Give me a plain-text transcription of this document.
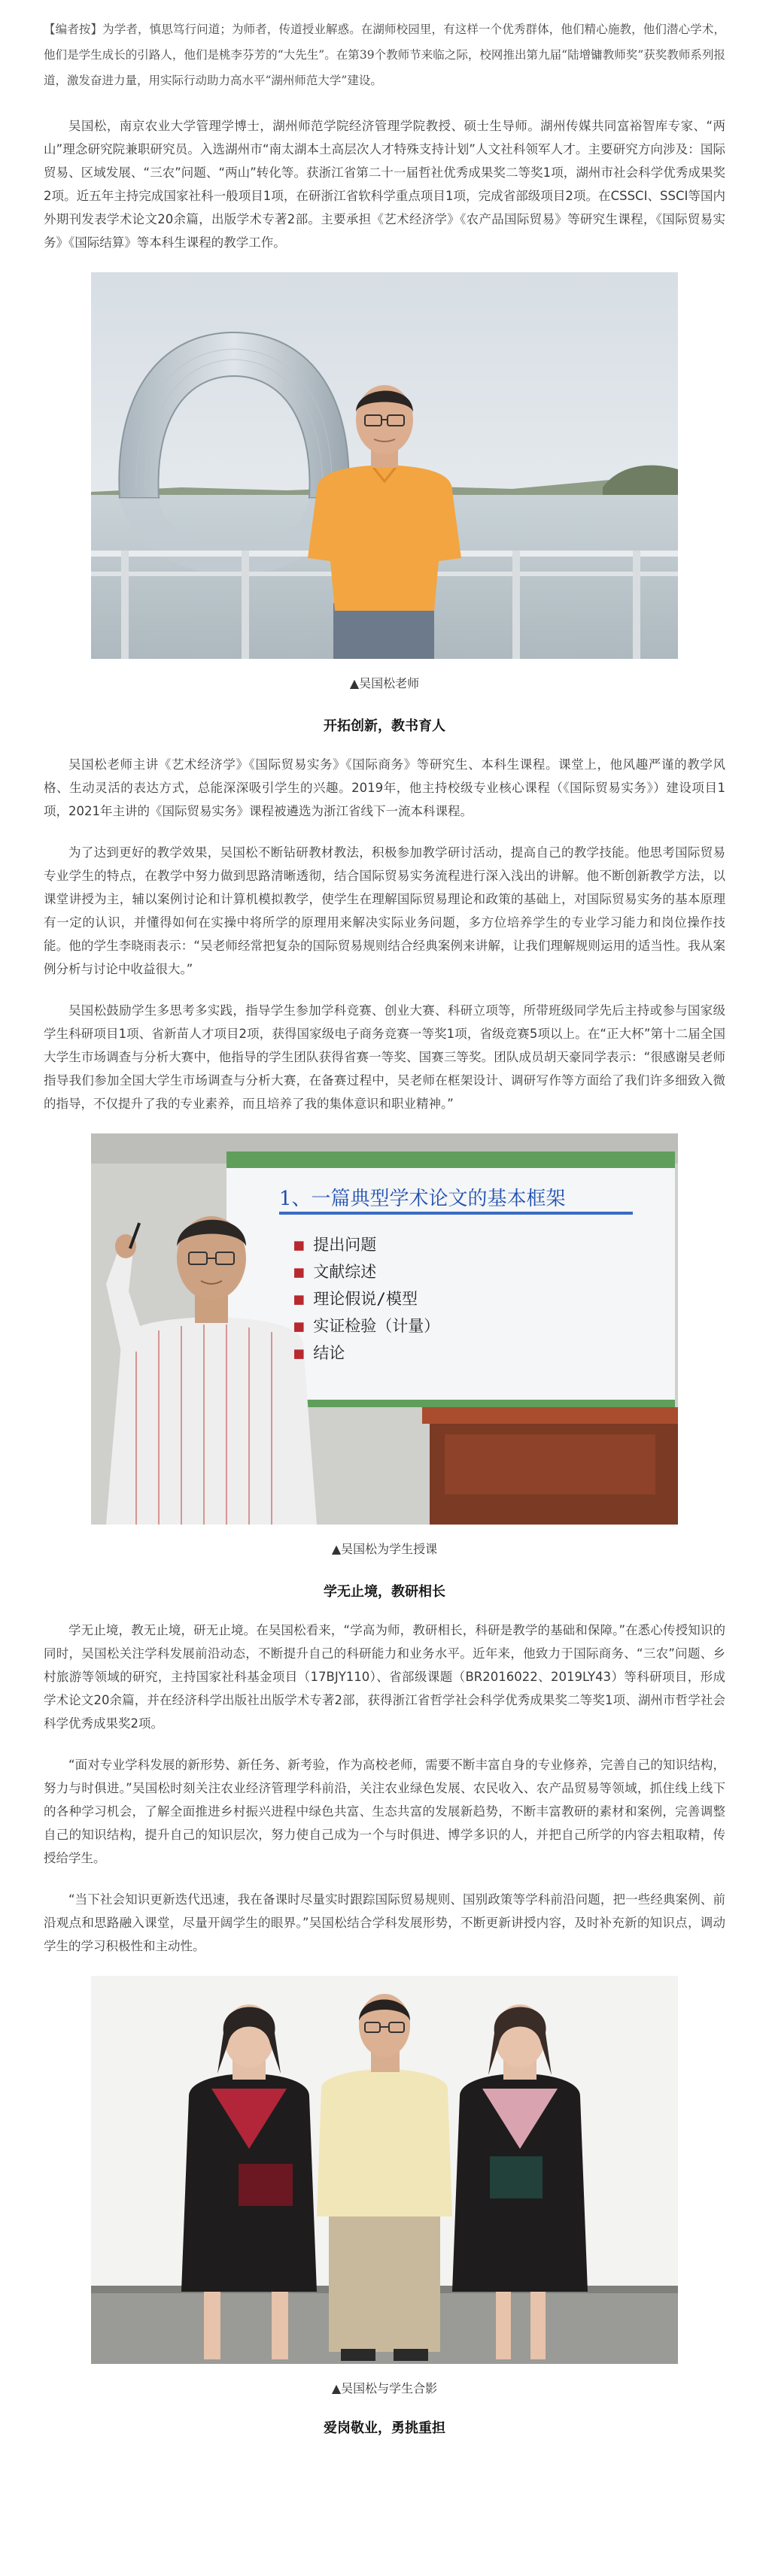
【编者按】为学者，慎思笃行问道；为师者，传道授业解惑。在湖师校园里，有这样一个优秀群体，他们精心施教，他们潜心学术，他们是学生成长的引路人，他们是桃李芬芳的“大先生”。在第39个教师节来临之际，校网推出第九届“陆增镛教师奖”获奖教师系列报道，激发奋进力量，用实际行动助力高水平“湖州师范大学”建设。

吴国松，南京农业大学管理学博士，湖州师范学院经济管理学院教授、硕士生导师。湖州传媒共同富裕智库专家、“两山”理念研究院兼职研究员。入选湖州市“南太湖本土高层次人才特殊支持计划”人文社科领军人才。主要研究方向涉及：国际贸易、区域发展、“三农”问题、“两山”转化等。获浙江省第二十一届哲社优秀成果奖二等奖1项，湖州市社会科学优秀成果奖2项。近五年主持完成国家社科一般项目1项，在研浙江省软科学重点项目1项，完成省部级项目2项。在CSSCI、SSCI等国内外期刊发表学术论文20余篇，出版学术专著2部。主要承担《艺术经济学》《农产品国际贸易》等研究生课程，《国际贸易实务》《国际结算》等本科生课程的教学工作。

▲吴国松老师

开拓创新，教书育人

吴国松老师主讲《艺术经济学》《国际贸易实务》《国际商务》等研究生、本科生课程。课堂上，他风趣严谨的教学风格、生动灵活的表达方式，总能深深吸引学生的兴趣。2019年，他主持校级专业核心课程（《国际贸易实务》）建设项目1项，2021年主讲的《国际贸易实务》课程被遴选为浙江省线下一流本科课程。

为了达到更好的教学效果，吴国松不断钻研教材教法，积极参加教学研讨活动，提高自己的教学技能。他思考国际贸易专业学生的特点，在教学中努力做到思路清晰透彻，结合国际贸易实务流程进行深入浅出的讲解。他不断创新教学方法，以课堂讲授为主，辅以案例讨论和计算机模拟教学，使学生在理解国际贸易理论和政策的基础上，对国际贸易实务的基本原理有一定的认识，并懂得如何在实操中将所学的原理用来解决实际业务问题，多方位培养学生的专业学习能力和岗位操作技能。他的学生李晓雨表示：“吴老师经常把复杂的国际贸易规则结合经典案例来讲解，让我们理解规则运用的适当性。我从案例分析与讨论中收益很大。”

吴国松鼓励学生多思考多实践，指导学生参加学科竞赛、创业大赛、科研立项等，所带班级同学先后主持或参与国家级学生科研项目1项、省新苗人才项目2项，获得国家级电子商务竞赛一等奖1项，省级竞赛5项以上。在“正大杯”第十二届全国大学生市场调查与分析大赛中，他指导的学生团队获得省赛一等奖、国赛三等奖。团队成员胡天豪同学表示：“很感谢吴老师指导我们参加全国大学生市场调查与分析大赛，在备赛过程中，吴老师在框架设计、调研写作等方面给了我们许多细致入微的指导，不仅提升了我的专业素养，而且培养了我的集体意识和职业精神。”

1、一篇典型学术论文的基本框架
■ 提出问题
■ 文献综述
■ 理论假说/模型
■ 实证检验（计量）
■ 结论

▲吴国松为学生授课

学无止境，教研相长

学无止境，教无止境，研无止境。在吴国松看来，“学高为师，教研相长，科研是教学的基础和保障。”在悉心传授知识的同时，吴国松关注学科发展前沿动态，不断提升自己的科研能力和业务水平。近年来，他致力于国际商务、“三农”问题、乡村旅游等领域的研究，主持国家社科基金项目（17BJY110）、省部级课题（BR2016022、2019LY43）等科研项目，形成学术论文20余篇，并在经济科学出版社出版学术专著2部，获得浙江省哲学社会科学优秀成果奖二等奖1项、湖州市哲学社会科学优秀成果奖2项。

“面对专业学科发展的新形势、新任务、新考验，作为高校老师，需要不断丰富自身的专业修养，完善自己的知识结构，努力与时俱进。”吴国松时刻关注农业经济管理学科前沿，关注农业绿色发展、农民收入、农产品贸易等领域，抓住线上线下的各种学习机会，了解全面推进乡村振兴进程中绿色共富、生态共富的发展新趋势，不断丰富教研的素材和案例，完善调整自己的知识结构，提升自己的知识层次，努力使自己成为一个与时俱进、博学多识的人，并把自己所学的内容去粗取精，传授给学生。

“当下社会知识更新迭代迅速，我在备课时尽量实时跟踪国际贸易规则、国别政策等学科前沿问题，把一些经典案例、前沿观点和思路融入课堂，尽量开阔学生的眼界。”吴国松结合学科发展形势，不断更新讲授内容，及时补充新的知识点，调动学生的学习积极性和主动性。

▲吴国松与学生合影

爱岗敬业，勇挑重担
